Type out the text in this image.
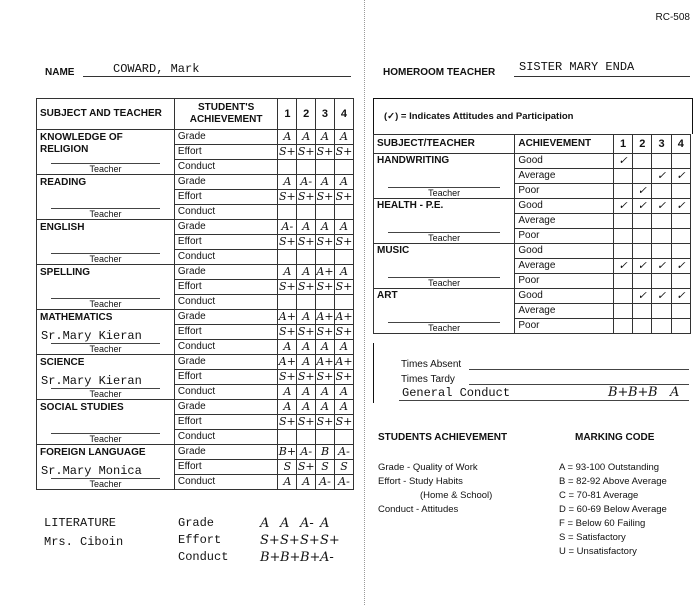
RC-508
NAME	COWARD, Mark	HOMEROOM TEACHER SISTER MARY ENDA
SUBJECT AND TEACHER	STUDENT'S ACHIEVEMENT	1	2	3	4

KNOWLEDGE OF RELIGION
Teacher	Grade	A	A	A	A
	Effort	S+	S+	S+	S+
	Conduct				

READING
Teacher	Grade	A	A-	A	A
	Effort	S+	S+	S+	S+
	Conduct				

ENGLISH
Teacher	Grade	A-	A	A	A
	Effort	S+	S+	S+	S+
	Conduct				

SPELLING
Teacher	Grade	A	A	A+	A
	Effort	S+	S+	S+	S+
	Conduct				

MATHEMATICS
Sr.Mary Kieran
Teacher	Grade	A+	A	A+	A+
	Effort	S+	S+	S+	S+
	Conduct	A	A	A	A

SCIENCE
Sr.Mary Kieran
Teacher	Grade	A+	A	A+	A+
	Effort	S+	S+	S+	S+
	Conduct	A	A	A	A

SOCIAL STUDIES
Teacher	Grade	A	A	A	A
	Effort	S+	S+	S+	S+
	Conduct				

FOREIGN LANGUAGE
Sr.Mary Monica
Teacher	Grade	B+	A-	B	A-
	Effort	S	S+	S	S
	Conduct	A	A	A-	A-
LITERATURE
Mrs. Ciboin
Grade	A A A- A
Effort	S+ S+ S+ S+
Conduct B+ B+ B+ A-
(✓) = Indicates Attitudes and Participation
SUBJECT/TEACHER	ACHIEVEMENT	1	2	3	4

HANDWRITING
Teacher	Good	✓			
	Average			✓	✓
	Poor		✓		

HEALTH - P.E.
Teacher	Good	✓	✓	✓	✓
	Average				
	Poor				

MUSIC
Teacher	Good				
	Average	✓	✓	✓	✓
	Poor				

ART
Teacher	Good		✓	✓	✓
	Average				
	Poor				
Times Absent
Times Tardy
General Conduct	B+ B+ B A
STUDENTS ACHIEVEMENT
Grade - Quality of Work
Effort - Study Habits
(Home & School)
Conduct - Attitudes
MARKING CODE
A = 93-100 Outstanding
B = 82-92 Above Average
C = 70-81 Average
D = 60-69 Below Average
F = Below 60 Failing
S = Satisfactory
U = Unsatisfactory
